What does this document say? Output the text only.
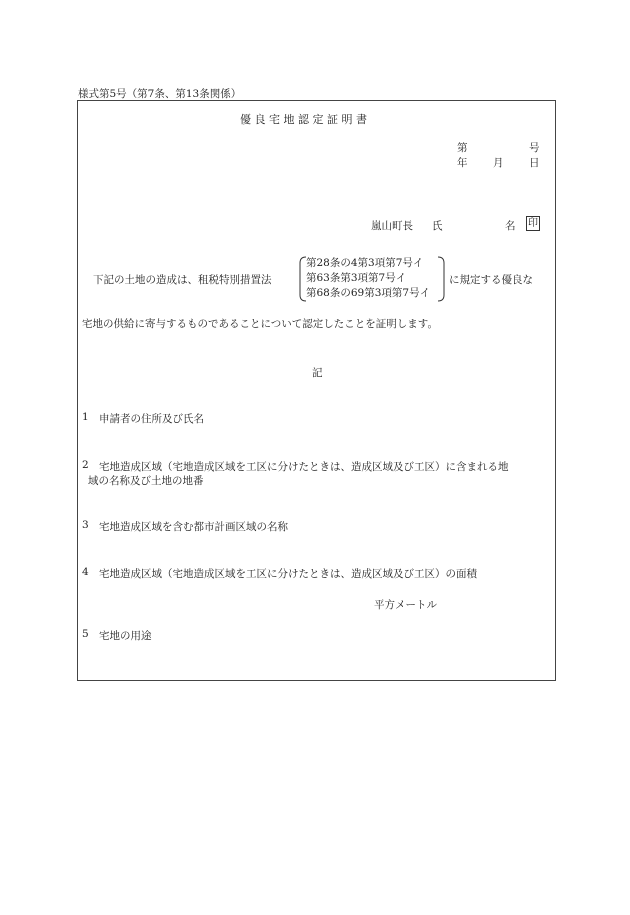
様式第5号（第7条、第13条関係）
優 良 宅 地 認 定 証 明 書
第	号
年 月 日
嵐山町長 氏	名 印
下記の土地の造成は、租税特別措置法
第28条の4第3項第7号イ
第63条第3項第7号イ
第68条の69第3項第7号イ
に規定する優良な
宅地の供給に寄与するものであることについて認定したことを証明します。
記
1 申請者の住所及び氏名
2 宅地造成区域（宅地造成区域を工区に分けたときは、造成区域及び工区）に含まれる地
域の名称及び土地の地番
3 宅地造成区域を含む都市計画区域の名称
4 宅地造成区域（宅地造成区域を工区に分けたときは、造成区域及び工区）の面積
平方メートル
5 宅地の用途
